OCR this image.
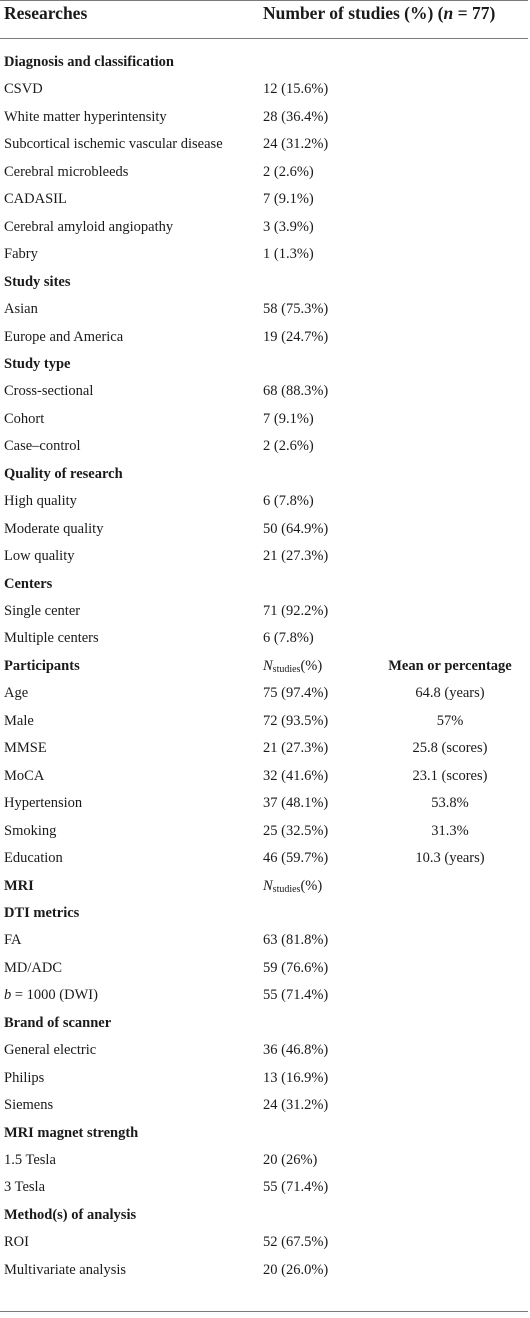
Researches	Number of studies (%) (n = 77)
Diagnosis and classification
CSVD	12 (15.6%)
White matter hyperintensity	28 (36.4%)
Subcortical ischemic vascular disease	24 (31.2%)
Cerebral microbleeds	2 (2.6%)
CADASIL	7 (9.1%)
Cerebral amyloid angiopathy	3 (3.9%)
Fabry	1 (1.3%)
Study sites
Asian	58 (75.3%)
Europe and America	19 (24.7%)
Study type
Cross-sectional	68 (88.3%)
Cohort	7 (9.1%)
Case–control	2 (2.6%)
Quality of research
High quality	6 (7.8%)
Moderate quality	50 (64.9%)
Low quality	21 (27.3%)
Centers
Single center	71 (92.2%)
Multiple centers	6 (7.8%)
Participants	$N_{studies}(\%)$	Mean or percentage
Age	75 (97.4%)	64.8 (years)
Male	72 (93.5%)	57%
MMSE	21 (27.3%)	25.8 (scores)
MoCA	32 (41.6%)	23.1 (scores)
Hypertension	37 (48.1%)	53.8%
Smoking	25 (32.5%)	31.3%
Education	46 (59.7%)	10.3 (years)
MRI	$N_{studies}(\%)$
DTI metrics
FA	63 (81.8%)
MD/ADC	59 (76.6%)
b = 1000 (DWI)	55 (71.4%)
Brand of scanner
General electric	36 (46.8%)
Philips	13 (16.9%)
Siemens	24 (31.2%)
MRI magnet strength
1.5 Tesla	20 (26%)
3 Tesla	55 (71.4%)
Method(s) of analysis
ROI	52 (67.5%)
Multivariate analysis	20 (26.0%)
